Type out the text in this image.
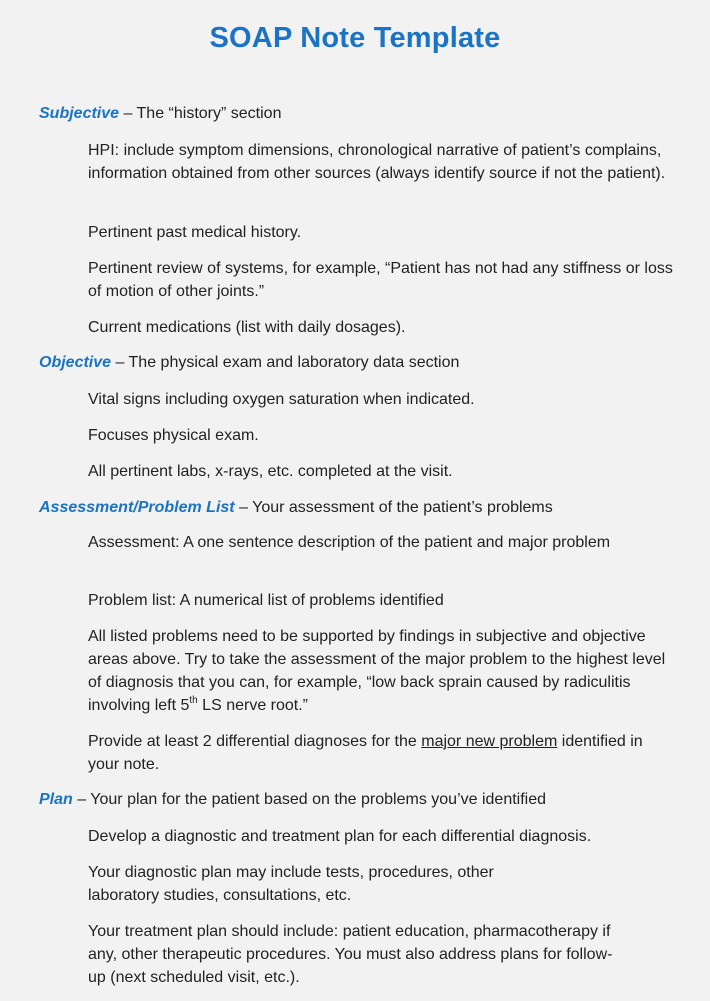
SOAP Note Template
Subjective – The “history” section
HPI: include symptom dimensions, chronological narrative of patient’s complains, information obtained from other sources (always identify source if not the patient).
Pertinent past medical history.
Pertinent review of systems, for example, “Patient has not had any stiffness or loss of motion of other joints.”
Current medications (list with daily dosages).
Objective – The physical exam and laboratory data section
Vital signs including oxygen saturation when indicated.
Focuses physical exam.
All pertinent labs, x-rays, etc. completed at the visit.
Assessment/Problem List – Your assessment of the patient’s problems
Assessment: A one sentence description of the patient and major problem
Problem list: A numerical list of problems identified
All listed problems need to be supported by findings in subjective and objective areas above. Try to take the assessment of the major problem to the highest level of diagnosis that you can, for example, “low back sprain caused by radiculitis involving left 5th LS nerve root.”
Provide at least 2 differential diagnoses for the major new problem identified in your note.
Plan – Your plan for the patient based on the problems you’ve identified
Develop a diagnostic and treatment plan for each differential diagnosis.
Your diagnostic plan may include tests, procedures, other laboratory studies, consultations, etc.
Your treatment plan should include: patient education, pharmacotherapy if any, other therapeutic procedures. You must also address plans for follow-up (next scheduled visit, etc.).
